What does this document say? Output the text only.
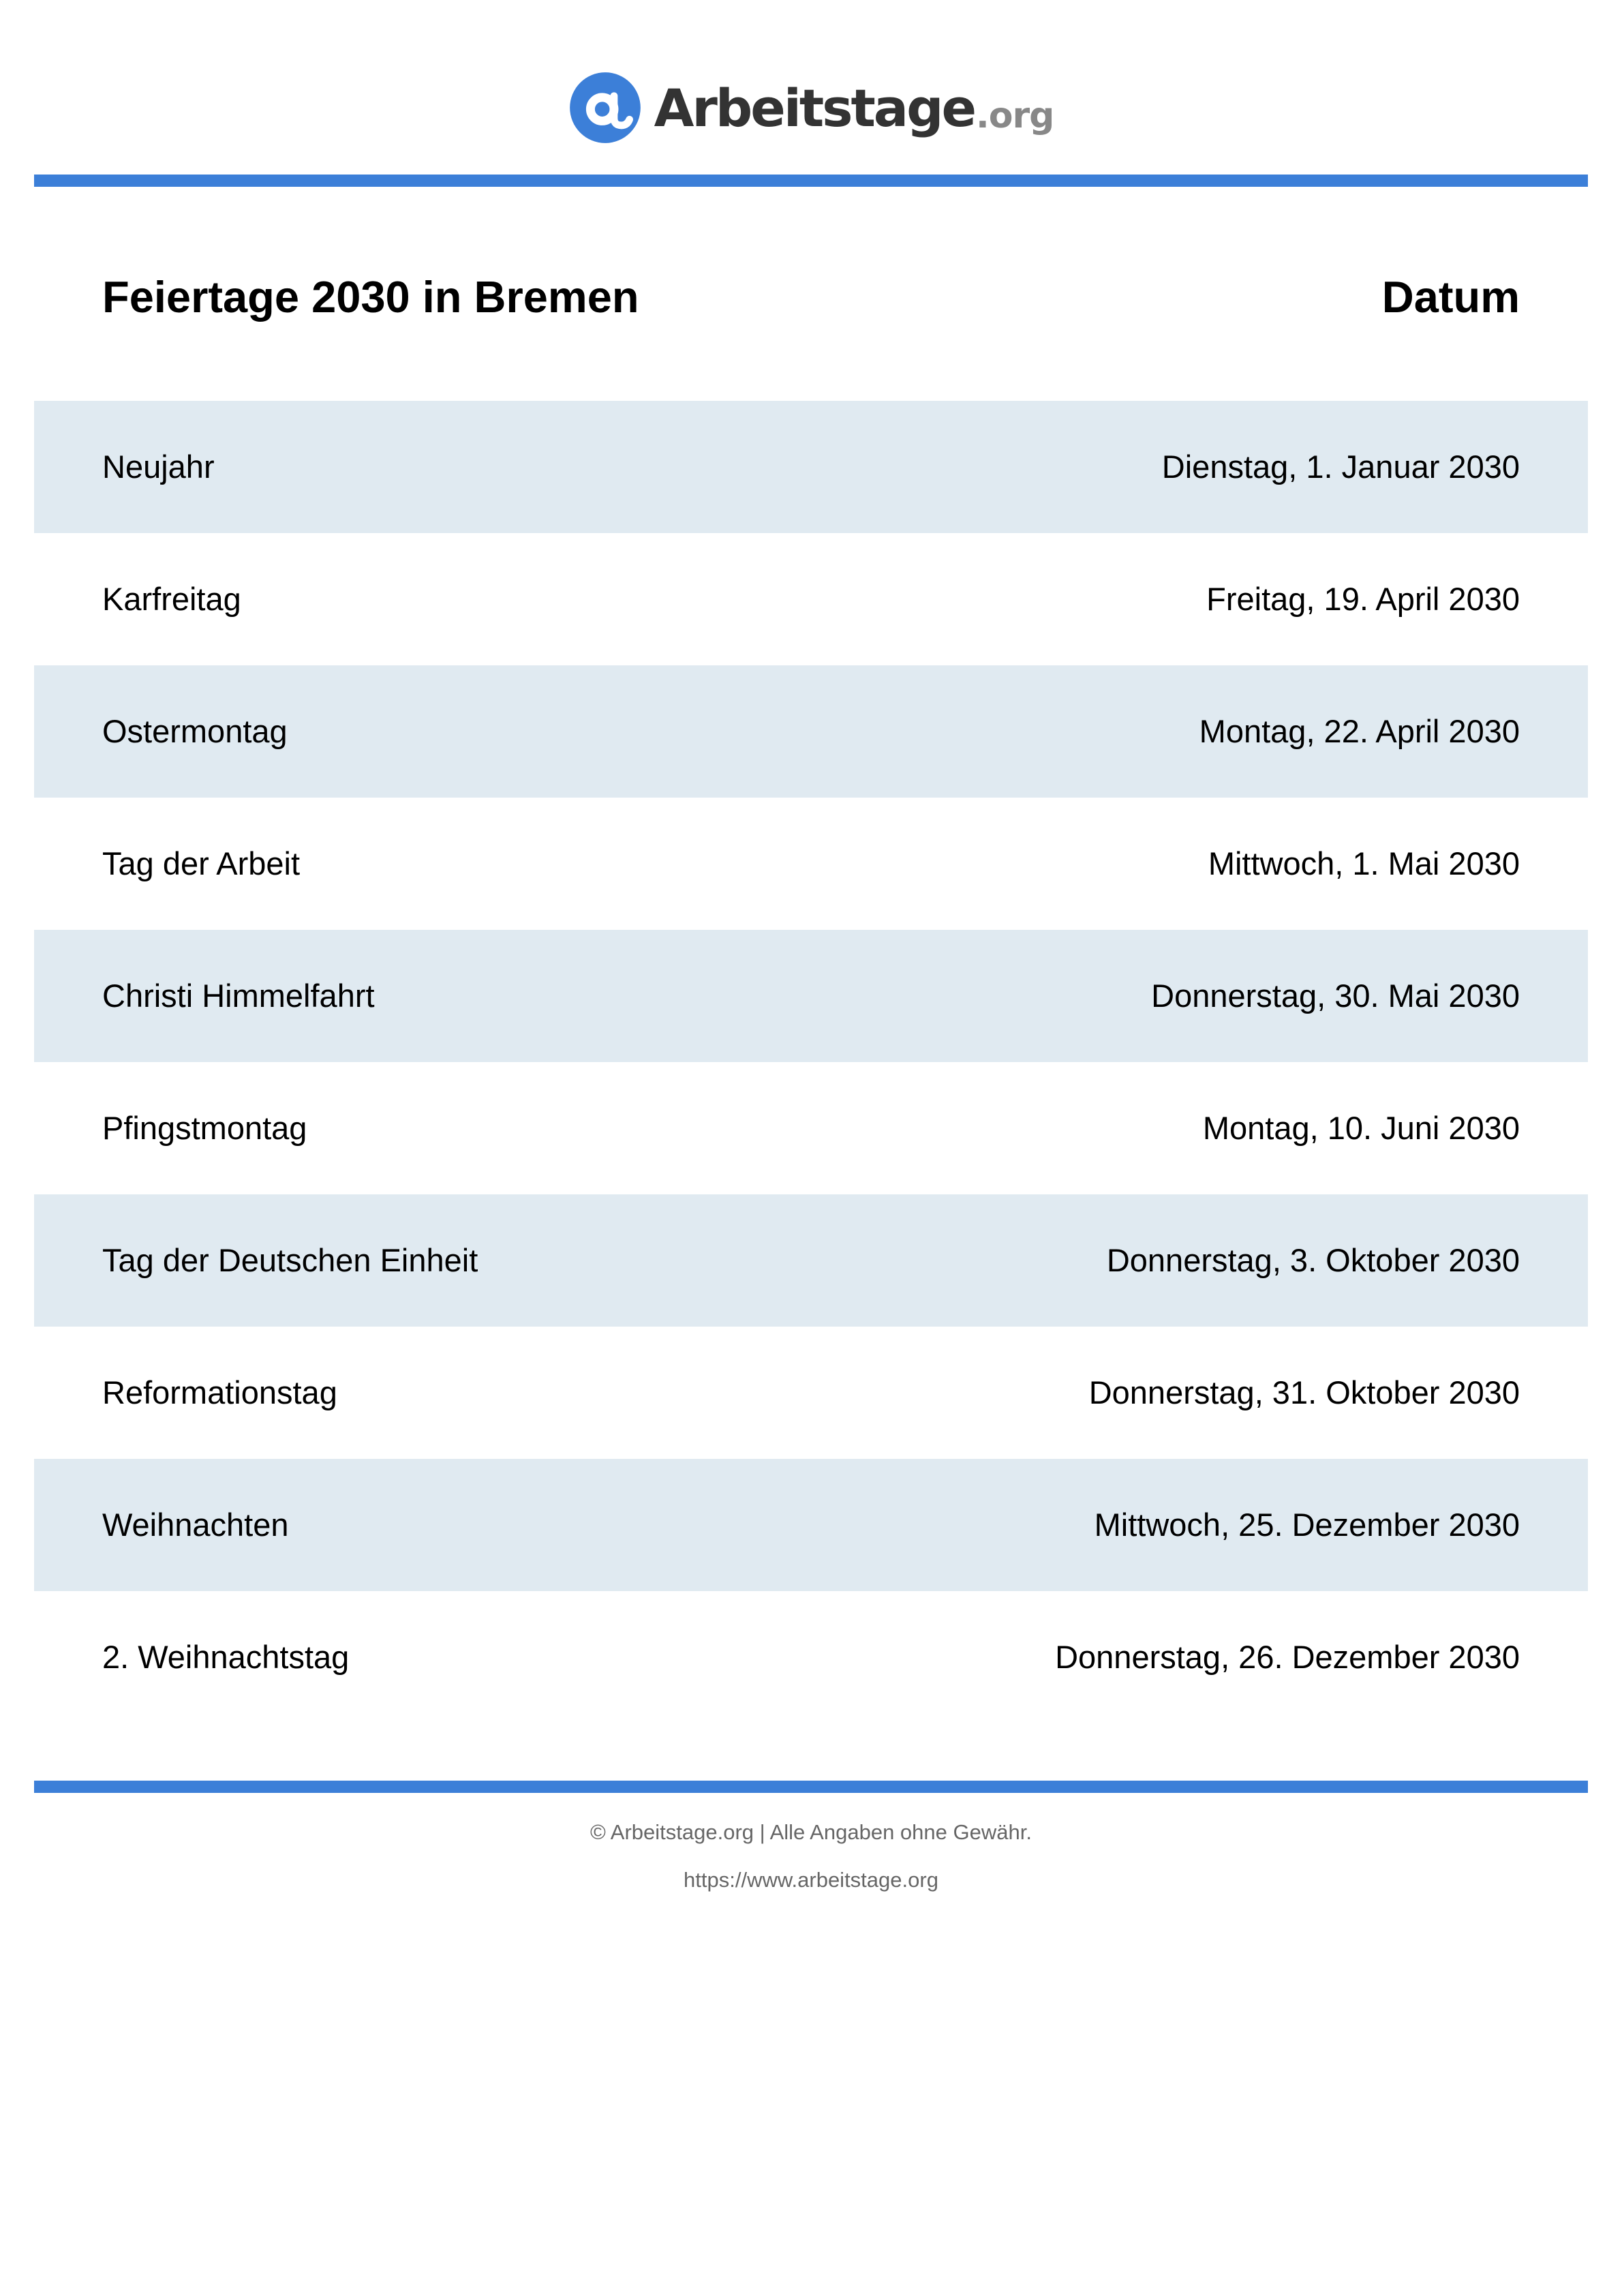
Arbeitstage .org
Feiertage 2030 in Bremen	Datum
Neujahr	Dienstag, 1. Januar 2030
Karfreitag	Freitag, 19. April 2030
Ostermontag	Montag, 22. April 2030
Tag der Arbeit	Mittwoch, 1. Mai 2030
Christi Himmelfahrt	Donnerstag, 30. Mai 2030
Pfingstmontag	Montag, 10. Juni 2030
Tag der Deutschen Einheit	Donnerstag, 3. Oktober 2030
Reformationstag	Donnerstag, 31. Oktober 2030
Weihnachten	Mittwoch, 25. Dezember 2030
2. Weihnachtstag	Donnerstag, 26. Dezember 2030
© Arbeitstage.org | Alle Angaben ohne Gewähr.
https://www.arbeitstage.org
